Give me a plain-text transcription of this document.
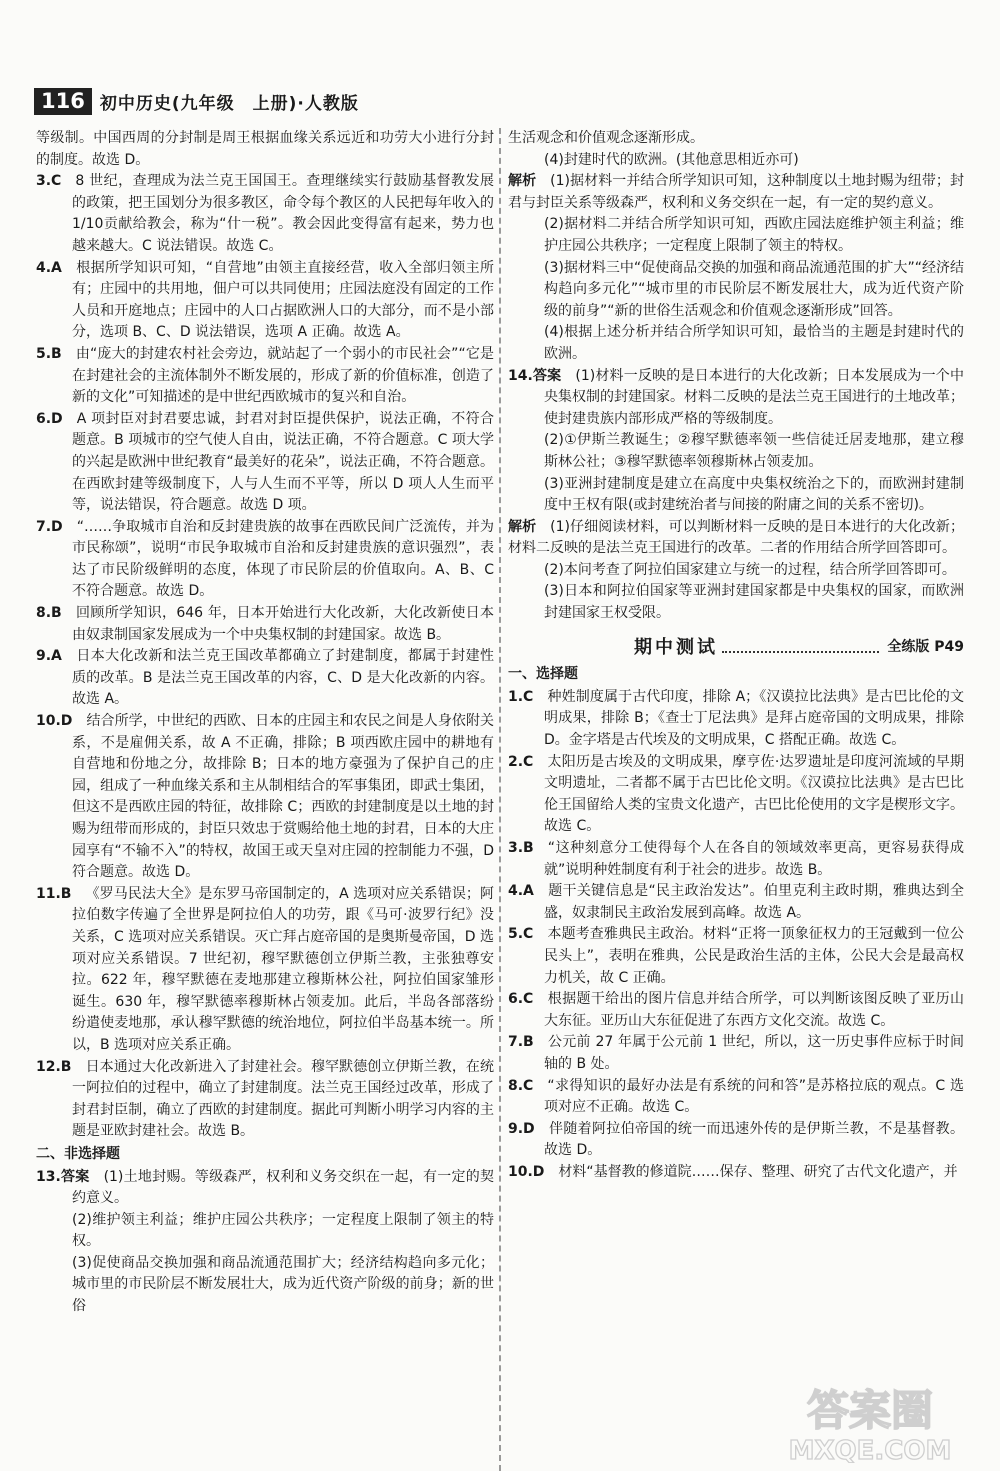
116 初中历史(九年级　上册)·人教版

等级制。中国西周的分封制是周王根据血缘关系远近和功劳大小进行分封的制度。故选 D。

3.C 8 世纪，查理成为法兰克王国国王。查理继续实行鼓励基督教发展的政策，把王国划分为很多教区，命令每个教区的人民把每年收入的1/10贡献给教会，称为“什一税”。教会因此变得富有起来，势力也越来越大。C 说法错误。故选 C。

4.A 根据所学知识可知，“自营地”由领主直接经营，收入全部归领主所有；庄园中的共用地，佃户可以共同使用；庄园法庭没有固定的工作人员和开庭地点；庄园中的人口占据欧洲人口的大部分，而不是小部分，选项 B、C、D 说法错误，选项 A 正确。故选 A。

5.B 由“庞大的封建农村社会旁边，就站起了一个弱小的市民社会”“它是在封建社会的主流体制外不断发展的，形成了新的价值标准，创造了新的文化”可知描述的是中世纪西欧城市的复兴和自治。

6.D A 项封臣对封君要忠诚，封君对封臣提供保护，说法正确，不符合题意。B 项城市的空气使人自由，说法正确，不符合题意。C 项大学的兴起是欧洲中世纪教育“最美好的花朵”，说法正确，不符合题意。在西欧封建等级制度下，人与人生而不平等，所以 D 项人人生而平等，说法错误，符合题意。故选 D 项。

7.D “……争取城市自治和反封建贵族的故事在西欧民间广泛流传，并为市民称颂”，说明“市民争取城市自治和反封建贵族的意识强烈”，表达了市民阶级鲜明的态度，体现了市民阶层的价值取向。A、B、C 不符合题意。故选 D。

8.B 回顾所学知识，646 年，日本开始进行大化改新，大化改新使日本由奴隶制国家发展成为一个中央集权制的封建国家。故选 B。

9.A 日本大化改新和法兰克王国改革都确立了封建制度，都属于封建性质的改革。B 是法兰克王国改革的内容，C、D 是大化改新的内容。故选 A。

10.D 结合所学，中世纪的西欧、日本的庄园主和农民之间是人身依附关系，不是雇佣关系，故 A 不正确，排除；B 项西欧庄园中的耕地有自营地和份地之分，故排除 B；日本的地方豪强为了保护自己的庄园，组成了一种血缘关系和主从制相结合的军事集团，即武士集团，但这不是西欧庄园的特征，故排除 C；西欧的封建制度是以土地的封赐为纽带而形成的，封臣只效忠于赏赐给他土地的封君，日本的大庄园享有“不输不入”的特权，故国王或天皇对庄园的控制能力不强，D 符合题意。故选 D。

11.B 《罗马民法大全》是东罗马帝国制定的，A 选项对应关系错误；阿拉伯数字传遍了全世界是阿拉伯人的功劳，跟《马可·波罗行纪》没关系，C 选项对应关系错误。灭亡拜占庭帝国的是奥斯曼帝国，D 选项对应关系错误。7 世纪初，穆罕默德创立伊斯兰教，主张独尊安拉。622 年，穆罕默德在麦地那建立穆斯林公社，阿拉伯国家雏形诞生。630 年，穆罕默德率穆斯林占领麦加。此后，半岛各部落纷纷遣使麦地那，承认穆罕默德的统治地位，阿拉伯半岛基本统一。所以，B 选项对应关系正确。

12.B 日本通过大化改新进入了封建社会。穆罕默德创立伊斯兰教，在统一阿拉伯的过程中，确立了封建制度。法兰克王国经过改革，形成了封君封臣制，确立了西欧的封建制度。据此可判断小明学习内容的主题是亚欧封建社会。故选 B。

二、非选择题

13.答案 (1)土地封赐。等级森严，权利和义务交织在一起，有一定的契约意义。

(2)维护领主利益；维护庄园公共秩序；一定程度上限制了领主的特权。

(3)促使商品交换加强和商品流通范围扩大；经济结构趋向多元化；城市里的市民阶层不断发展壮大，成为近代资产阶级的前身；新的世俗

生活观念和价值观念逐渐形成。

(4)封建时代的欧洲。(其他意思相近亦可)

解析 (1)据材料一并结合所学知识可知，这种制度以土地封赐为纽带；封君与封臣关系等级森严，权利和义务交织在一起，有一定的契约意义。

(2)据材料二并结合所学知识可知，西欧庄园法庭维护领主利益；维护庄园公共秩序；一定程度上限制了领主的特权。

(3)据材料三中“促使商品交换的加强和商品流通范围的扩大”“经济结构趋向多元化”“城市里的市民阶层不断发展壮大，成为近代资产阶级的前身”“新的世俗生活观念和价值观念逐渐形成”回答。

(4)根据上述分析并结合所学知识可知，最恰当的主题是封建时代的欧洲。

14.答案 (1)材料一反映的是日本进行的大化改新；日本发展成为一个中央集权制的封建国家。材料二反映的是法兰克王国进行的土地改革；使封建贵族内部形成严格的等级制度。

(2)①伊斯兰教诞生；②穆罕默德率领一些信徒迁居麦地那，建立穆斯林公社；③穆罕默德率领穆斯林占领麦加。

(3)亚洲封建制度是建立在高度中央集权统治之下的，而欧洲封建制度中王权有限(或封建统治者与间接的附庸之间的关系不密切)。

解析 (1)仔细阅读材料，可以判断材料一反映的是日本进行的大化改新；材料二反映的是法兰克王国进行的改革。二者的作用结合所学回答即可。

(2)本问考查了阿拉伯国家建立与统一的过程，结合所学回答即可。

(3)日本和阿拉伯国家等亚洲封建国家都是中央集权的国家，而欧洲封建国家王权受限。

期中测试	全练版 P49

一、选择题

1.C 种姓制度属于古代印度，排除 A；《汉谟拉比法典》是古巴比伦的文明成果，排除 B；《查士丁尼法典》是拜占庭帝国的文明成果，排除 D。金字塔是古代埃及的文明成果，C 搭配正确。故选 C。

2.C 太阳历是古埃及的文明成果，摩亨佐·达罗遗址是印度河流域的早期文明遗址，二者都不属于古巴比伦文明。《汉谟拉比法典》是古巴比伦王国留给人类的宝贵文化遗产，古巴比伦使用的文字是楔形文字。故选 C。

3.B “这种刻意分工使得每个人在各自的领域效率更高，更容易获得成就”说明种姓制度有利于社会的进步。故选 B。

4.A 题干关键信息是“民主政治发达”。伯里克利主政时期，雅典达到全盛，奴隶制民主政治发展到高峰。故选 A。

5.C 本题考查雅典民主政治。材料“正将一顶象征权力的王冠戴到一位公民头上”，表明在雅典，公民是政治生活的主体，公民大会是最高权力机关，故 C 正确。

6.C 根据题干给出的图片信息并结合所学，可以判断该图反映了亚历山大东征。亚历山大东征促进了东西方文化交流。故选 C。

7.B 公元前 27 年属于公元前 1 世纪，所以，这一历史事件应标于时间轴的 B 处。

8.C “求得知识的最好办法是有系统的问和答”是苏格拉底的观点。C 选项对应不正确。故选 C。

9.D 伴随着阿拉伯帝国的统一而迅速外传的是伊斯兰教，不是基督教。故选 D。

10.D 材料“基督教的修道院……保存、整理、研究了古代文化遗产，并

答案圈
MXQE.COM
